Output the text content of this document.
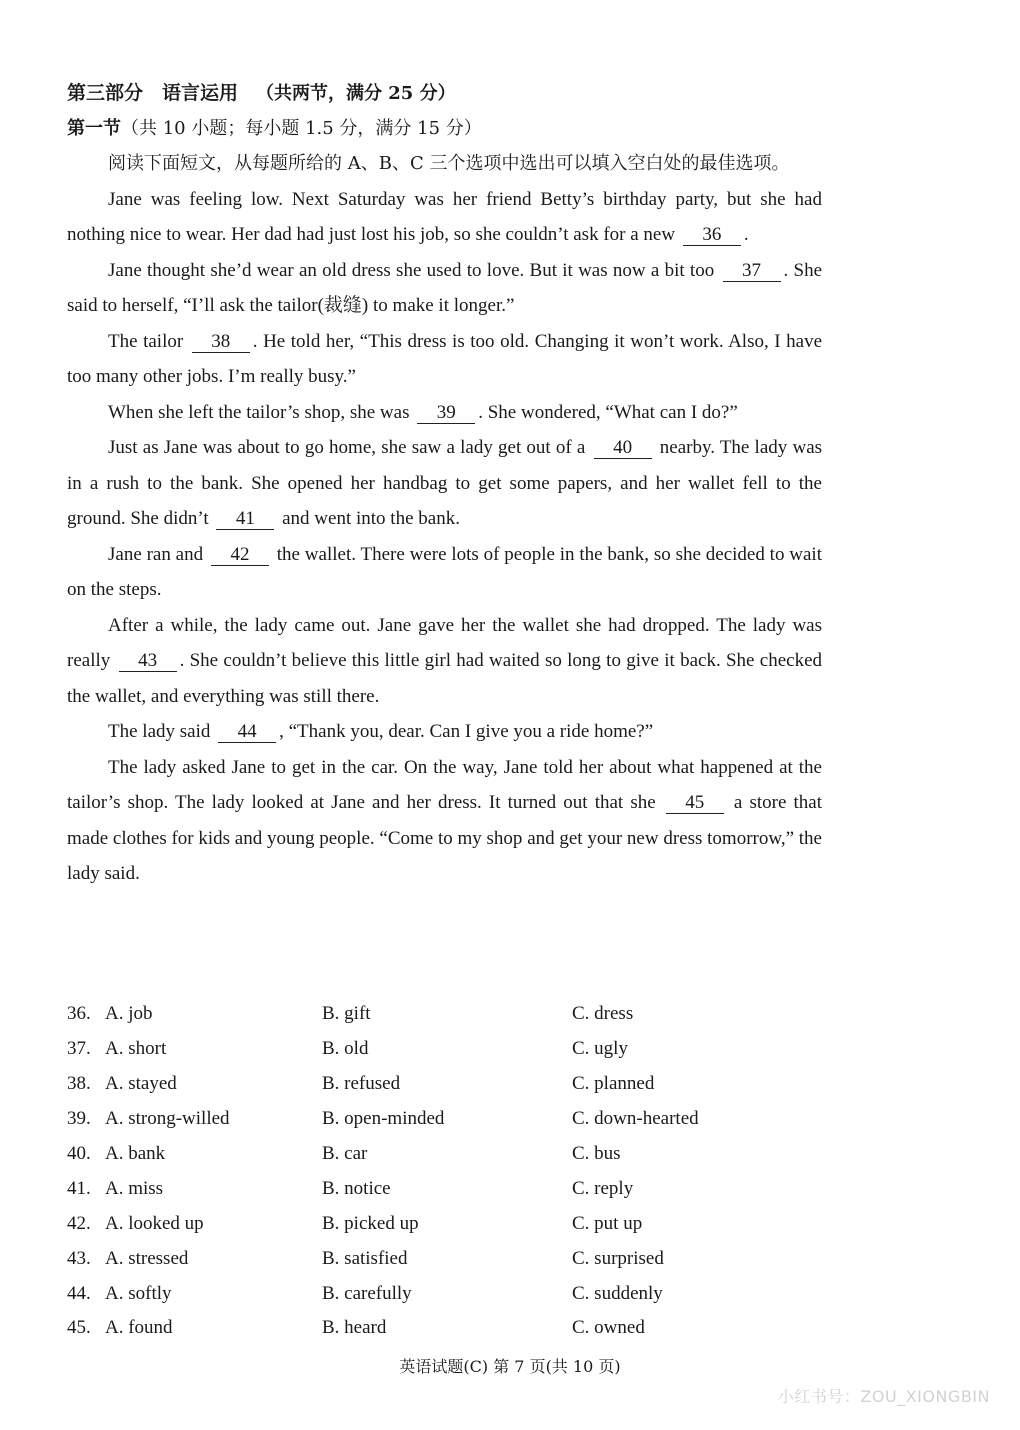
第三部分　语言运用 （共两节，满分 25 分）
第一节（共 10 小题；每小题 1.5 分，满分 15 分）

阅读下面短文，从每题所给的 A、B、C 三个选项中选出可以填入空白处的最佳选项。

Jane was feeling low. Next Saturday was her friend Betty’s birthday party, but she had nothing nice to wear. Her dad had just lost his job, so she couldn’t ask for a new 36 .

Jane thought she’d wear an old dress she used to love. But it was now a bit too 37 . She said to herself, “I’ll ask the tailor(裁缝) to make it longer.”

The tailor 38 . He told her, “This dress is too old. Changing it won’t work. Also, I have too many other jobs. I’m really busy.”

When she left the tailor’s shop, she was 39 . She wondered, “What can I do?”

Just as Jane was about to go home, she saw a lady get out of a 40 nearby. The lady was in a rush to the bank. She opened her handbag to get some papers, and her wallet fell to the ground. She didn’t 41 and went into the bank.

Jane ran and 42 the wallet. There were lots of people in the bank, so she decided to wait on the steps.

After a while, the lady came out. Jane gave her the wallet she had dropped. The lady was really 43 . She couldn’t believe this little girl had waited so long to give it back. She checked the wallet, and everything was still there.

The lady said 44 , “Thank you, dear. Can I give you a ride home?”

The lady asked Jane to get in the car. On the way, Jane told her about what happened at the tailor’s shop. The lady looked at Jane and her dress. It turned out that she 45 a store that made clothes for kids and young people. “Come to my shop and get your new dress tomorrow,” the lady said.

36. A. job	B. gift	C. dress
37. A. short	B. old	C. ugly
38. A. stayed	B. refused	C. planned
39. A. strong-willed	B. open-minded	C. down-hearted
40. A. bank	B. car	C. bus
41. A. miss	B. notice	C. reply
42. A. looked up	B. picked up	C. put up
43. A. stressed	B. satisfied	C. surprised
44. A. softly	B. carefully	C. suddenly
45. A. found	B. heard	C. owned
英语试题(C) 第 7 页(共 10 页)
小红书号：ZOU_XIONGBIN
